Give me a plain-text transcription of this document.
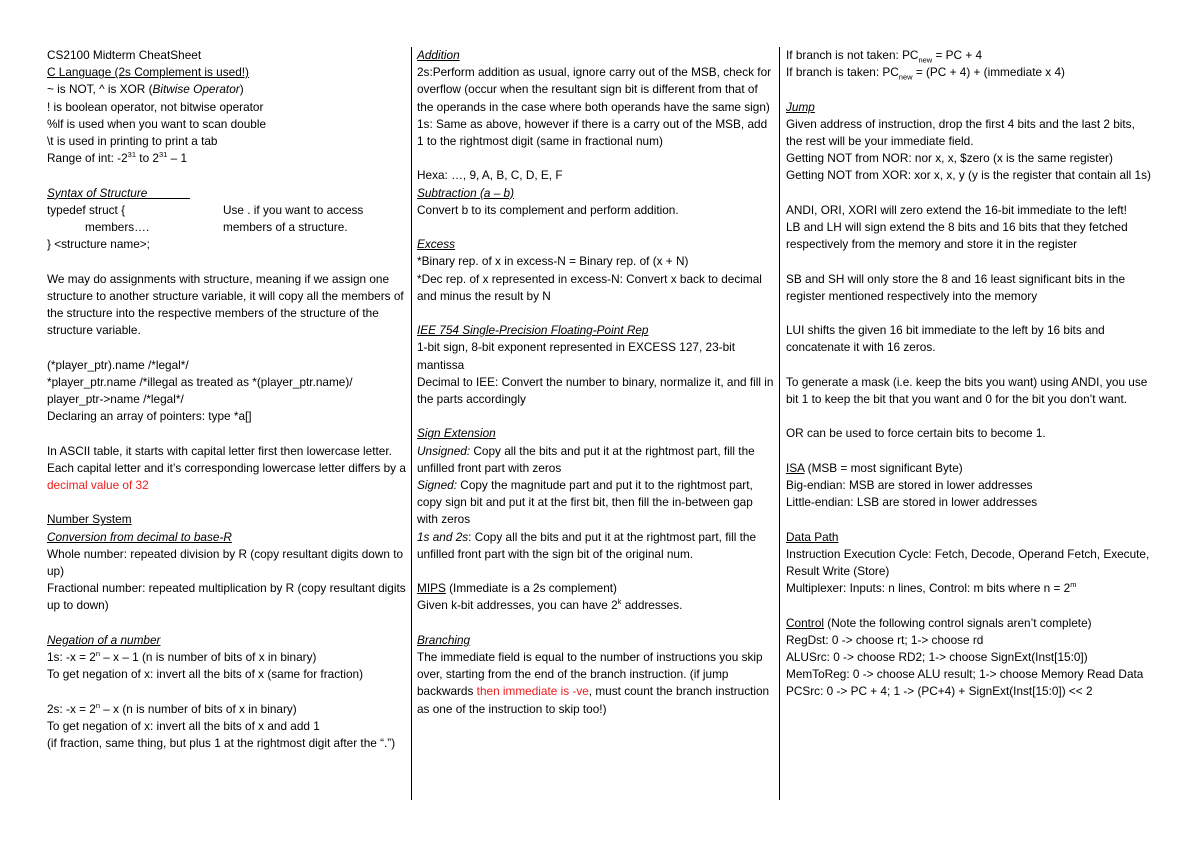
CS2100 Midterm CheatSheet

C Language (2s Complement is used!)

~ is NOT, ^ is XOR (Bitwise Operator)

! is boolean operator, not bitwise operator

%lf is used when you want to scan double

\t is used in printing to print a tab

Range of int: $-2^{31}$ to $2^{31} - 1$

Syntax of Structure

typedef struct {

members….

} <structure name>;

Use . if you want to access

members of a structure.

We may do assignments with structure, meaning if we assign one structure to another structure variable, it will copy all the members of the structure into the respective members of the structure of the structure variable.

(*player_ptr).name /*legal*/

*player_ptr.name /*illegal as treated as *(player_ptr.name)/

player_ptr->name /*legal*/

Declaring an array of pointers: type *a[]

In ASCII table, it starts with capital letter first then lowercase letter. Each capital letter and it’s corresponding lowercase letter differs by a decimal value of 32

Number System

Conversion from decimal to base-R

Whole number: repeated division by R (copy resultant digits down to up)

Fractional number: repeated multiplication by R (copy resultant digits up to down)

Negation of a number

1s: $-x = 2^n - x - 1$ (n is number of bits of x in binary)

To get negation of x: invert all the bits of x (same for fraction)

2s: $-x = 2^n - x$ (n is number of bits of x in binary)

To get negation of x: invert all the bits of x and add 1

(if fraction, same thing, but plus 1 at the rightmost digit after the “.”)

Addition

2s:Perform addition as usual, ignore carry out of the MSB, check for overflow (occur when the resultant sign bit is different from that of the operands in the case where both operands have the same sign)

1s: Same as above, however if there is a carry out of the MSB, add 1 to the rightmost digit (same in fractional num)

Hexa: …, 9, A, B, C, D, E, F

Subtraction (a – b)

Convert b to its complement and perform addition.

Excess

*Binary rep. of x in excess-N = Binary rep. of (x + N)

*Dec rep. of x represented in excess-N: Convert x back to decimal and minus the result by N

IEE 754 Single-Precision Floating-Point Rep

1-bit sign, 8-bit exponent represented in EXCESS 127, 23-bit mantissa

Decimal to IEE: Convert the number to binary, normalize it, and fill in the parts accordingly

Sign Extension

Unsigned: Copy all the bits and put it at the rightmost part, fill the unfilled front part with zeros

Signed: Copy the magnitude part and put it to the rightmost part, copy sign bit and put it at the first bit, then fill the in-between gap with zeros

1s and 2s: Copy all the bits and put it at the rightmost part, fill the unfilled front part with the sign bit of the original num.

MIPS (Immediate is a 2s complement)

Given k-bit addresses, you can have 2$^k$ addresses.

Branching

The immediate field is equal to the number of instructions you skip over, starting from the end of the branch instruction. (if jump backwards then immediate is -ve, must count the branch instruction as one of the instruction to skip too!)

If branch is not taken: $PC_{new}$ = PC + 4

If branch is taken: $PC_{new} = (PC + 4)$ + (immediate x 4)

Jump

Given address of instruction, drop the first 4 bits and the last 2 bits, the rest will be your immediate field.

Getting NOT from NOR: nor x, x, $zero (x is the same register)

Getting NOT from XOR: xor x, x, y (y is the register that contain all 1s)

ANDI, ORI, XORI will zero extend the 16-bit immediate to the left!

LB and LH will sign extend the 8 bits and 16 bits that they fetched respectively from the memory and store it in the register

SB and SH will only store the 8 and 16 least significant bits in the register mentioned respectively into the memory

LUI shifts the given 16 bit immediate to the left by 16 bits and concatenate it with 16 zeros.

To generate a mask (i.e. keep the bits you want) using ANDI, you use bit 1 to keep the bit that you want and 0 for the bit you don’t want.

OR can be used to force certain bits to become 1.

ISA (MSB = most significant Byte)

Big-endian: MSB are stored in lower addresses

Little-endian: LSB are stored in lower addresses

Data Path

Instruction Execution Cycle: Fetch, Decode, Operand Fetch, Execute, Result Write (Store)

Multiplexer: Inputs: n lines, Control: m bits where $n = 2^m$

Control (Note the following control signals aren’t complete)

RegDst: 0 -> choose rt; 1-> choose rd

ALUSrc: 0 -> choose RD2; 1-> choose SignExt(Inst[15:0])

MemToReg: 0 -> choose ALU result; 1-> choose Memory Read Data

PCSrc: 0 -> PC + 4; 1 -> (PC+4) + SignExt(Inst[15:0]) << 2
